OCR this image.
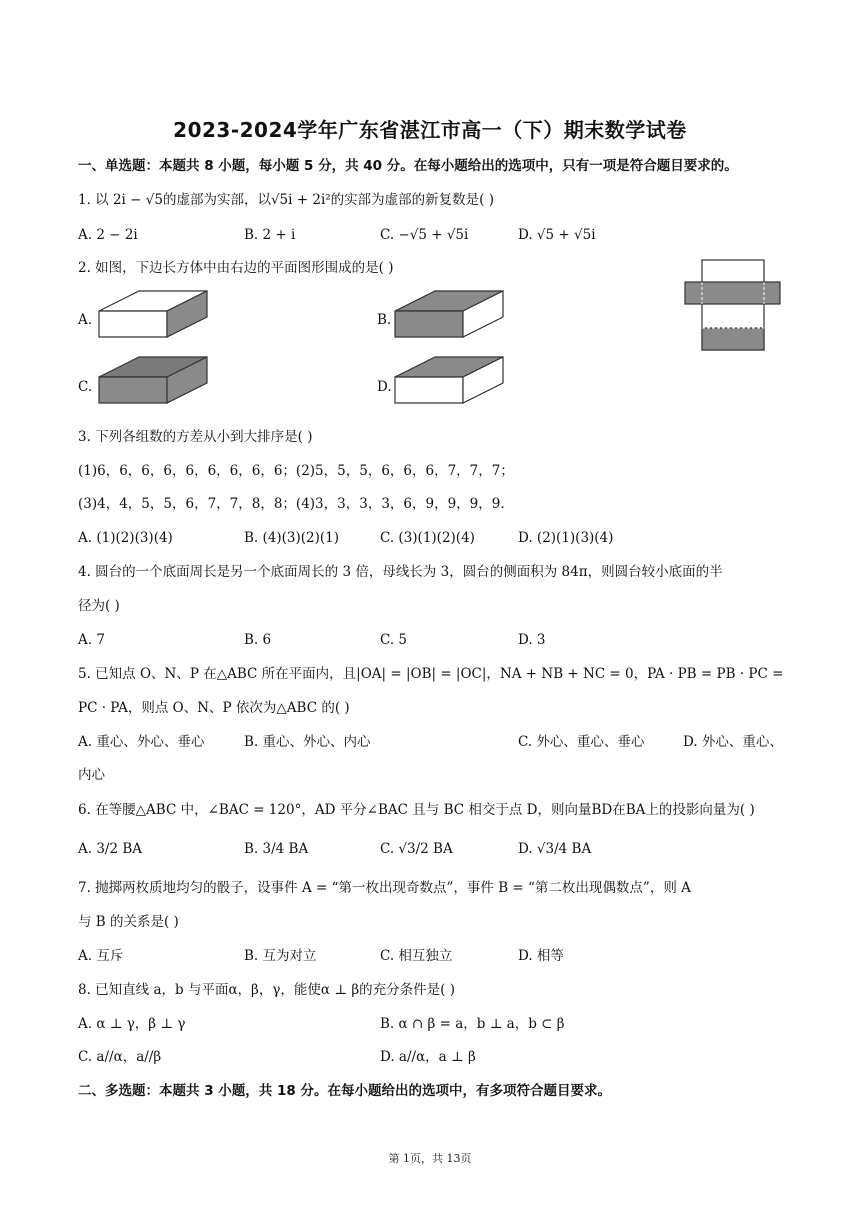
2023-2024学年广东省湛江市高一（下）期末数学试卷
一、单选题：本题共 8 小题，每小题 5 分，共 40 分。在每小题给出的选项中，只有一项是符合题目要求的。
1. 以 2i − √5的虚部为实部，以√5i + 2i²的实部为虚部的新复数是( )
A. 2 − 2i	B. 2 + i	C. −√5 + √5i	D. √5 + √5i
2. 如图，下边长方体中由右边的平面图形围成的是( )
A.	B.
C.	D.
3. 下列各组数的方差从小到大排序是( )
(1)6，6，6，6，6，6，6，6，6；(2)5，5，5，6，6，6，7，7，7；
(3)4，4，5，5，6，7，7，8，8；(4)3，3，3，3，6，9，9，9，9.
A. (1)(2)(3)(4)	B. (4)(3)(2)(1)	C. (3)(1)(2)(4)	D. (2)(1)(3)(4)
4. 圆台的一个底面周长是另一个底面周长的 3 倍，母线长为 3，圆台的侧面积为 84π，则圆台较小底面的半
径为( )
A. 7	B. 6	C. 5	D. 3
5. 已知点 O、N、P 在△ABC 所在平面内，且|OA| = |OB| = |OC|，NA + NB + NC = 0，PA · PB = PB · PC =
PC · PA，则点 O、N、P 依次为△ABC 的( )
A. 重心、外心、垂心	B. 重心、外心、内心	C. 外心、重心、垂心	D. 外心、重心、
内心
6. 在等腰△ABC 中，∠BAC = 120°，AD 平分∠BAC 且与 BC 相交于点 D，则向量BD在BA上的投影向量为( )
A. 3/2 BA	B. 3/4 BA	C. √3/2 BA	D. √3/4 BA
7. 抛掷两枚质地均匀的骰子，设事件 A = “第一枚出现奇数点”，事件 B = “第二枚出现偶数点”，则 A
与 B 的关系是( )
A. 互斥	B. 互为对立	C. 相互独立	D. 相等
8. 已知直线 a，b 与平面α，β，γ，能使α ⊥ β的充分条件是( )
A. α ⊥ γ，β ⊥ γ	B. α ∩ β = a，b ⊥ a，b ⊂ β
C. a//α，a//β	D. a//α，a ⊥ β
二、多选题：本题共 3 小题，共 18 分。在每小题给出的选项中，有多项符合题目要求。
第 1页，共 13页
